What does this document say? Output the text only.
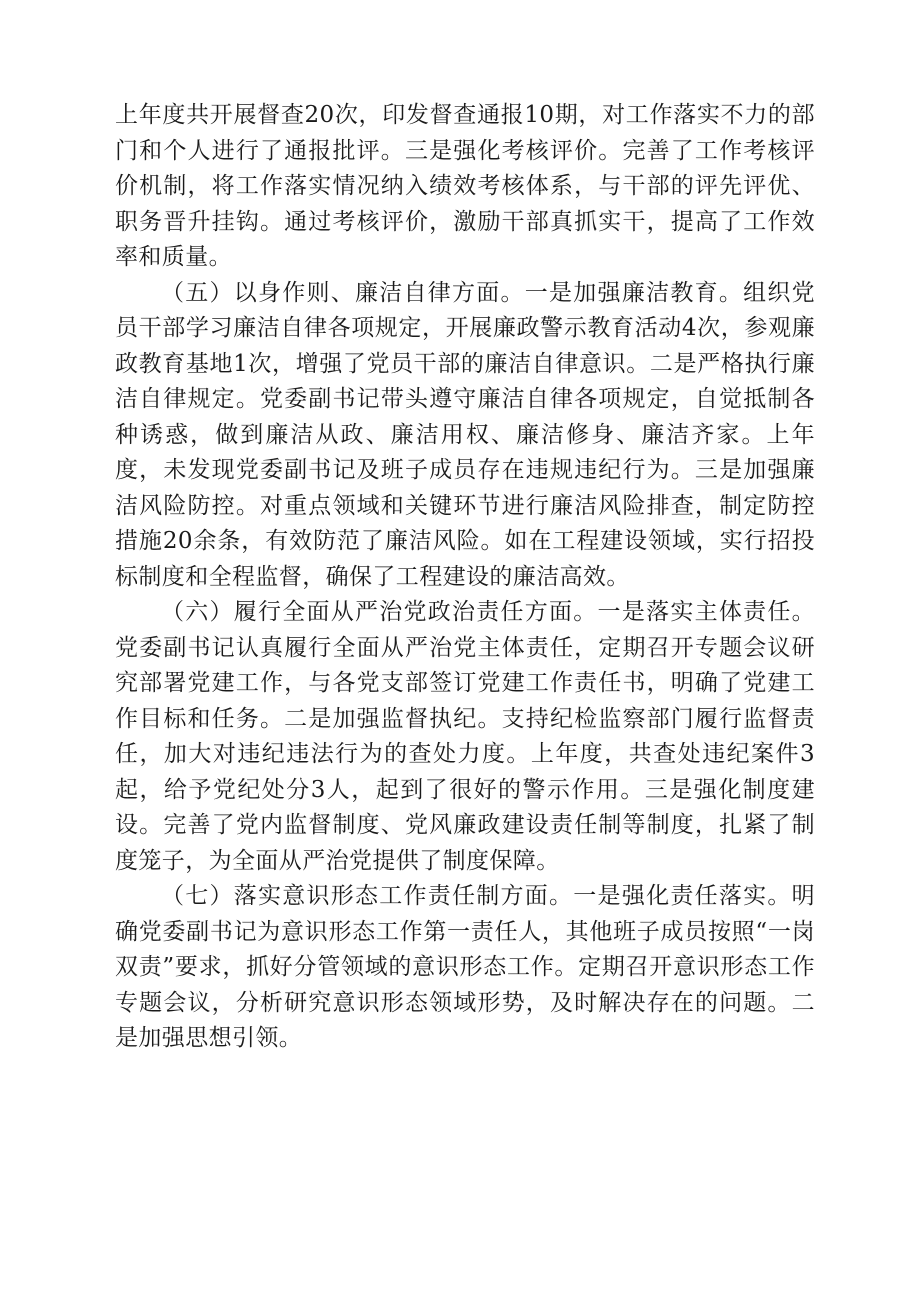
上年度共开展督查20次，印发督查通报10期，对工作落实不力的部门和个人进行了通报批评。三是强化考核评价。完善了工作考核评价机制，将工作落实情况纳入绩效考核体系，与干部的评先评优、职务晋升挂钩。通过考核评价，激励干部真抓实干，提高了工作效率和质量。

（五）以身作则、廉洁自律方面。一是加强廉洁教育。组织党员干部学习廉洁自律各项规定，开展廉政警示教育活动4次，参观廉政教育基地1次，增强了党员干部的廉洁自律意识。二是严格执行廉洁自律规定。党委副书记带头遵守廉洁自律各项规定，自觉抵制各种诱惑，做到廉洁从政、廉洁用权、廉洁修身、廉洁齐家。上年度，未发现党委副书记及班子成员存在违规违纪行为。三是加强廉洁风险防控。对重点领域和关键环节进行廉洁风险排查，制定防控措施20余条，有效防范了廉洁风险。如在工程建设领域，实行招投标制度和全程监督，确保了工程建设的廉洁高效。

（六）履行全面从严治党政治责任方面。一是落实主体责任。党委副书记认真履行全面从严治党主体责任，定期召开专题会议研究部署党建工作，与各党支部签订党建工作责任书，明确了党建工作目标和任务。二是加强监督执纪。支持纪检监察部门履行监督责任，加大对违纪违法行为的查处力度。上年度，共查处违纪案件3起，给予党纪处分3人，起到了很好的警示作用。三是强化制度建设。完善了党内监督制度、党风廉政建设责任制等制度，扎紧了制度笼子，为全面从严治党提供了制度保障。

（七）落实意识形态工作责任制方面。一是强化责任落实。明确党委副书记为意识形态工作第一责任人，其他班子成员按照“一岗双责”要求，抓好分管领域的意识形态工作。定期召开意识形态工作专题会议，分析研究意识形态领域形势，及时解决存在的问题。二是加强思想引领。
